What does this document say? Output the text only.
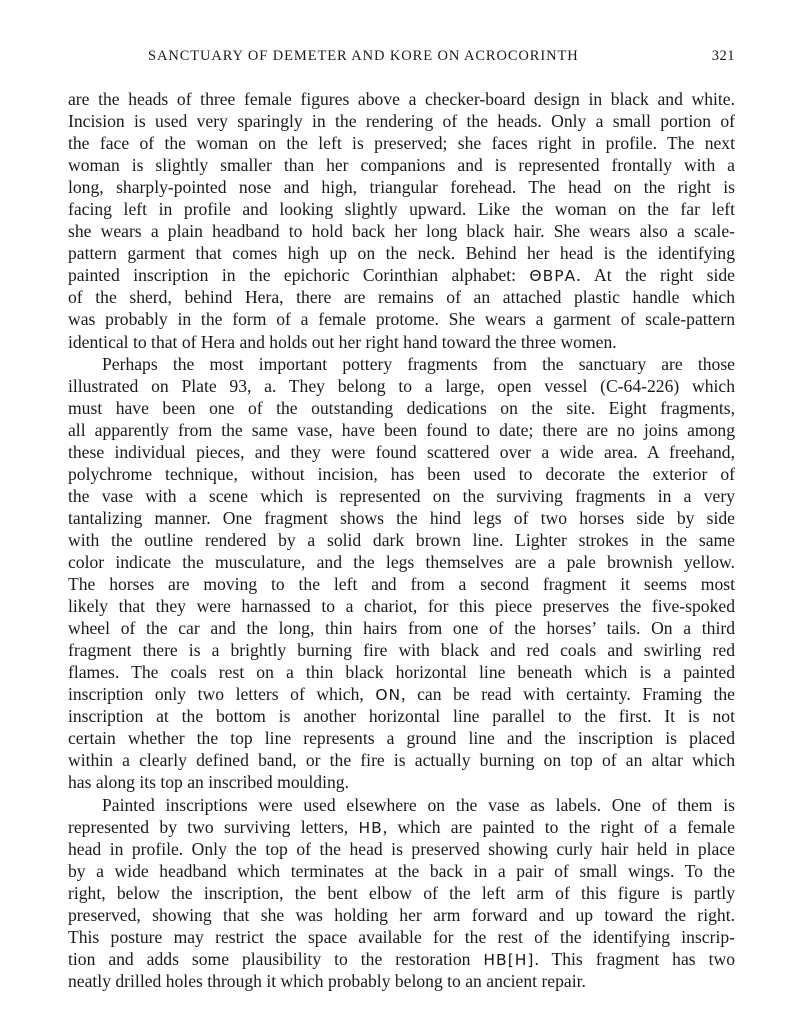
SANCTUARY OF DEMETER AND KORE ON ACROCORINTH	321
are the heads of three female figures above a checker-board design in black and white.
Incision is used very sparingly in the rendering of the heads. Only a small portion of
the face of the woman on the left is preserved; she faces right in profile. The next
woman is slightly smaller than her companions and is represented frontally with a
long, sharply-pointed nose and high, triangular forehead. The head on the right is
facing left in profile and looking slightly upward. Like the woman on the far left
she wears a plain headband to hold back her long black hair. She wears also a scale-
pattern garment that comes high up on the neck. Behind her head is the identifying
painted inscription in the epichoric Corinthian alphabet: ΘΒΡΑ. At the right side
of the sherd, behind Hera, there are remains of an attached plastic handle which
was probably in the form of a female protome. She wears a garment of scale-pattern
identical to that of Hera and holds out her right hand toward the three women.
Perhaps the most important pottery fragments from the sanctuary are those
illustrated on Plate 93, a. They belong to a large, open vessel (C-64-226) which
must have been one of the outstanding dedications on the site. Eight fragments,
all apparently from the same vase, have been found to date; there are no joins among
these individual pieces, and they were found scattered over a wide area. A freehand,
polychrome technique, without incision, has been used to decorate the exterior of
the vase with a scene which is represented on the surviving fragments in a very
tantalizing manner. One fragment shows the hind legs of two horses side by side
with the outline rendered by a solid dark brown line. Lighter strokes in the same
color indicate the musculature, and the legs themselves are a pale brownish yellow.
The horses are moving to the left and from a second fragment it seems most
likely that they were harnassed to a chariot, for this piece preserves the five-spoked
wheel of the car and the long, thin hairs from one of the horses’ tails. On a third
fragment there is a brightly burning fire with black and red coals and swirling red
flames. The coals rest on a thin black horizontal line beneath which is a painted
inscription only two letters of which, ON, can be read with certainty. Framing the
inscription at the bottom is another horizontal line parallel to the first. It is not
certain whether the top line represents a ground line and the inscription is placed
within a clearly defined band, or the fire is actually burning on top of an altar which
has along its top an inscribed moulding.
Painted inscriptions were used elsewhere on the vase as labels. One of them is
represented by two surviving letters, HB, which are painted to the right of a female
head in profile. Only the top of the head is preserved showing curly hair held in place
by a wide headband which terminates at the back in a pair of small wings. To the
right, below the inscription, the bent elbow of the left arm of this figure is partly
preserved, showing that she was holding her arm forward and up toward the right.
This posture may restrict the space available for the rest of the identifying inscrip-
tion and adds some plausibility to the restoration HB[H]. This fragment has two
neatly drilled holes through it which probably belong to an ancient repair.
